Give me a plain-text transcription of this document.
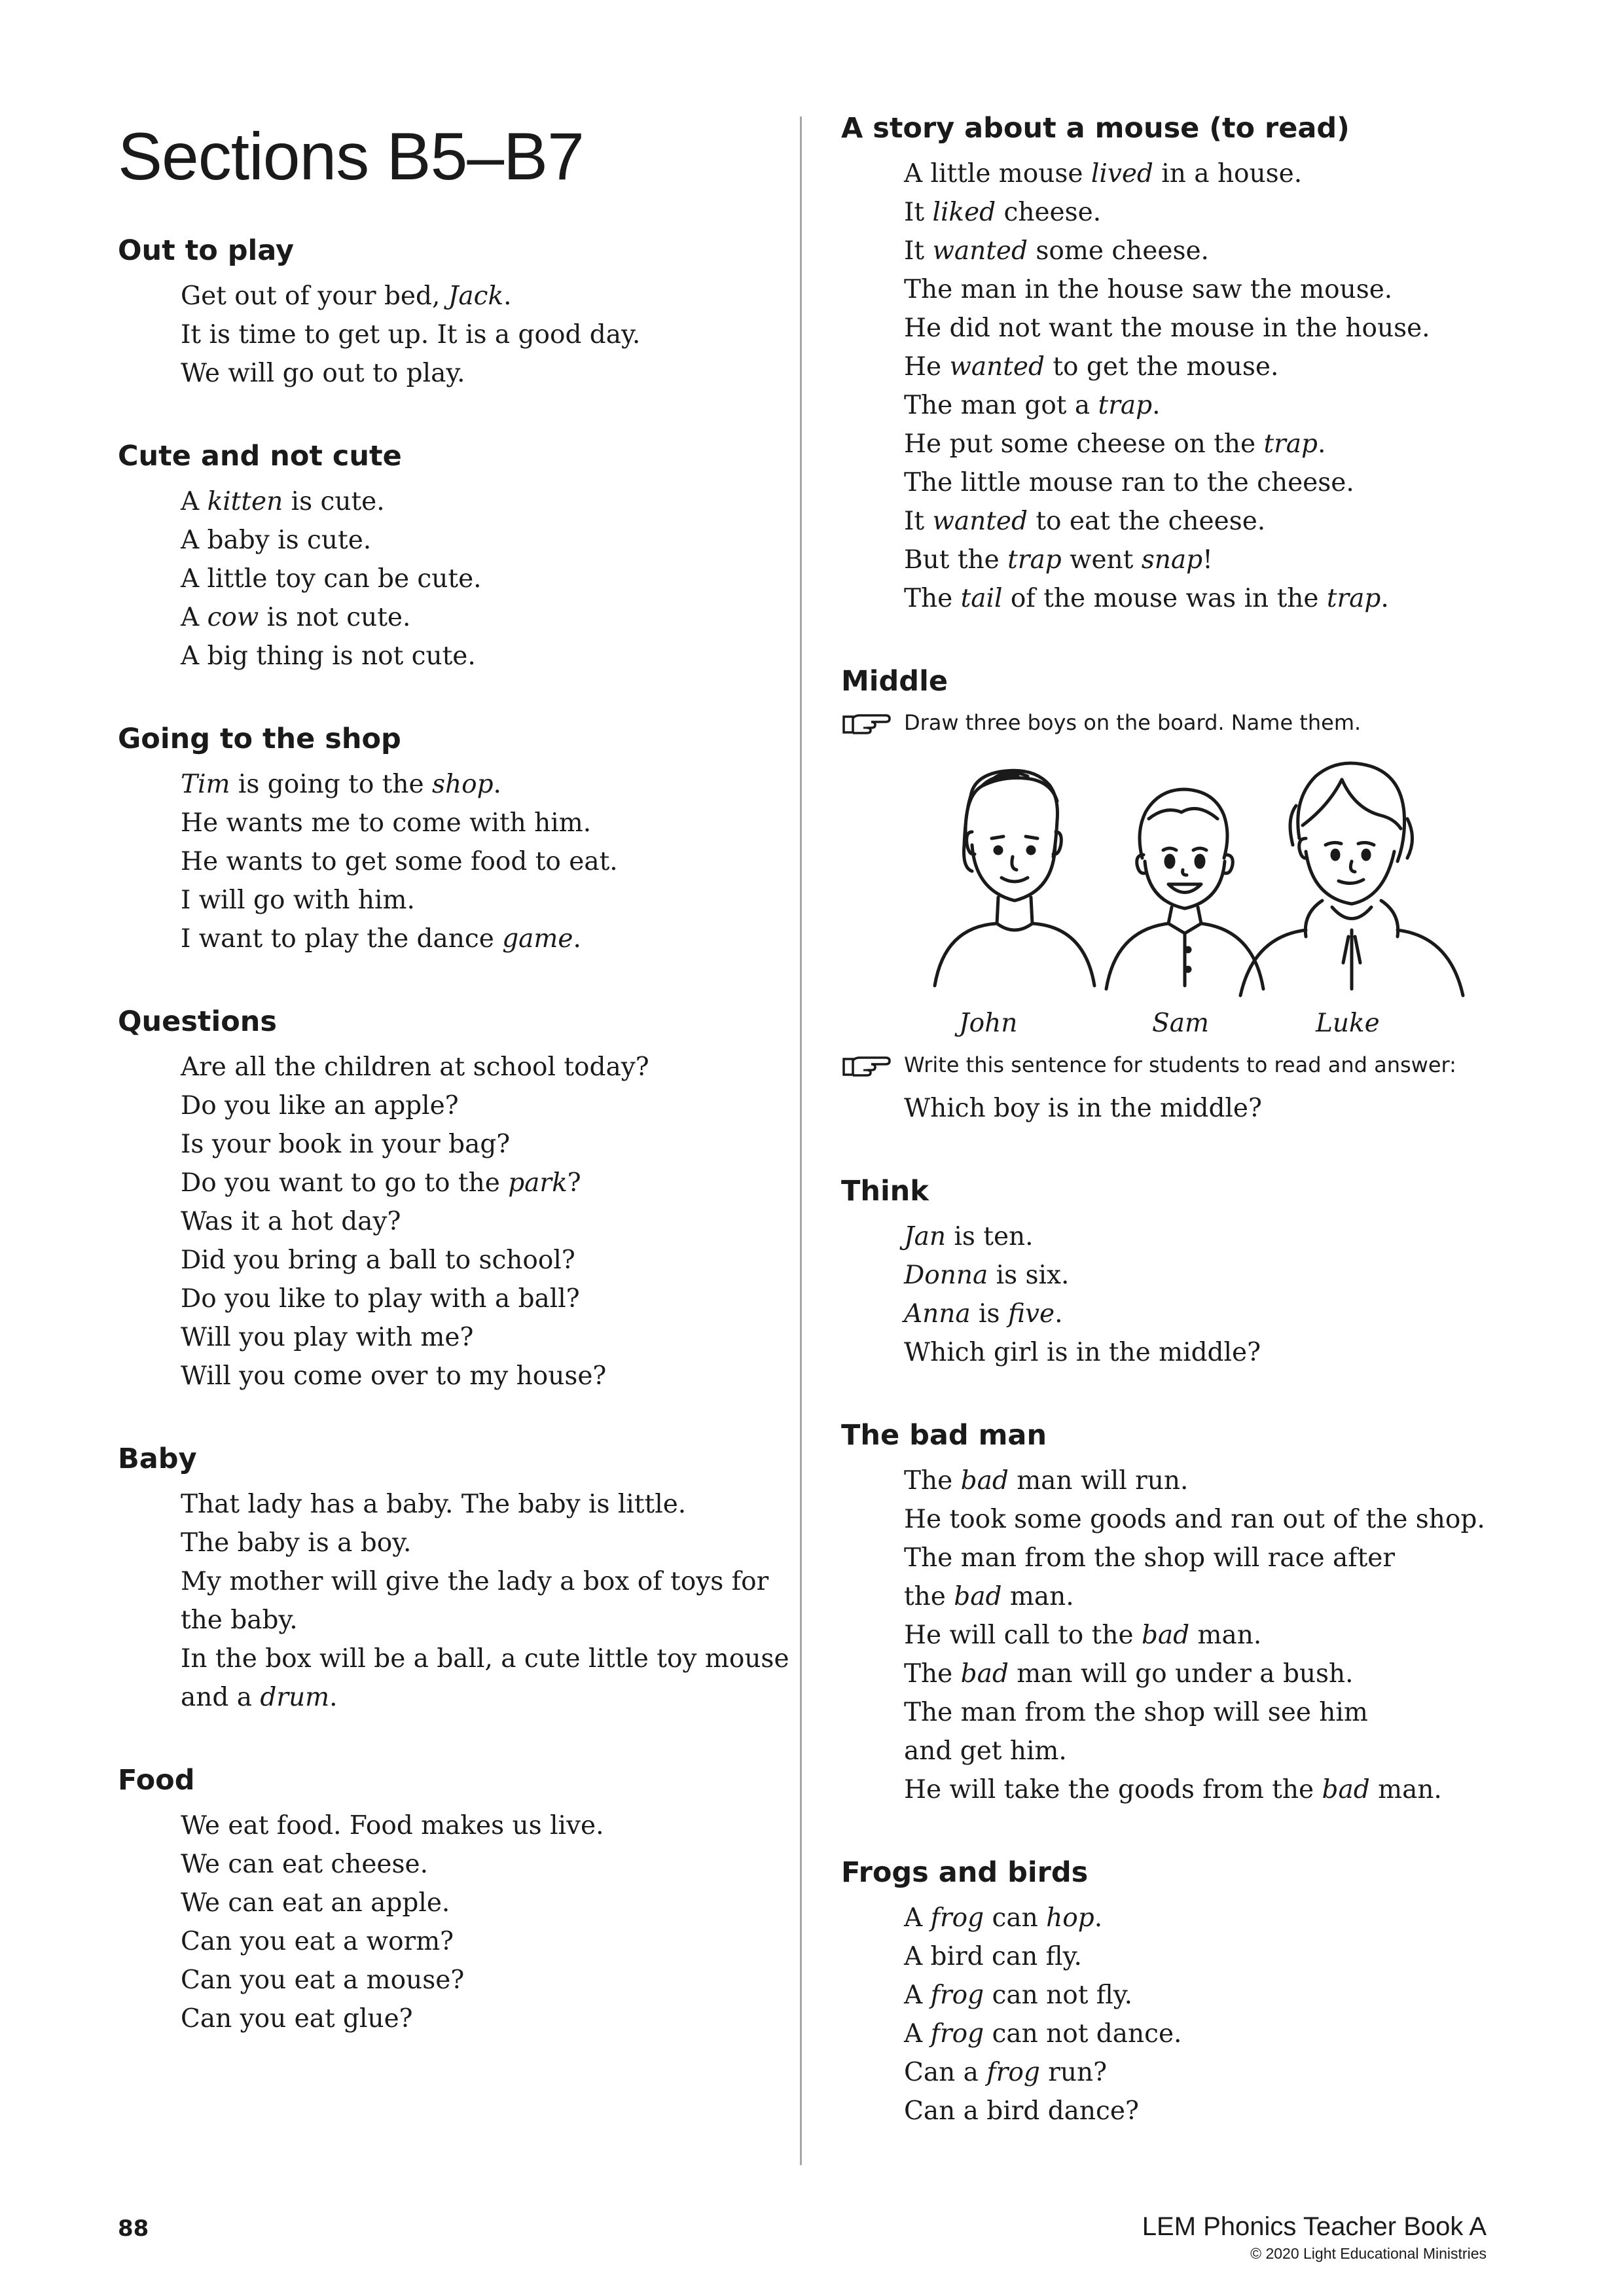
Sections B5–B7
Out to play
Get out of your bed, Jack.
It is time to get up. It is a good day.
We will go out to play.
Cute and not cute
A kitten is cute.
A baby is cute.
A little toy can be cute.
A cow is not cute.
A big thing is not cute.
Going to the shop
Tim is going to the shop.
He wants me to come with him.
He wants to get some food to eat.
I will go with him.
I want to play the dance game.
Questions
Are all the children at school today?
Do you like an apple?
Is your book in your bag?
Do you want to go to the park?
Was it a hot day?
Did you bring a ball to school?
Do you like to play with a ball?
Will you play with me?
Will you come over to my house?
Baby
That lady has a baby. The baby is little.
The baby is a boy.
My mother will give the lady a box of toys for
the baby.
In the box will be a ball, a cute little toy mouse
and a drum.
Food
We eat food. Food makes us live.
We can eat cheese.
We can eat an apple.
Can you eat a worm?
Can you eat a mouse?
Can you eat glue?
A story about a mouse (to read)
A little mouse lived in a house.
It liked cheese.
It wanted some cheese.
The man in the house saw the mouse.
He did not want the mouse in the house.
He wanted to get the mouse.
The man got a trap.
He put some cheese on the trap.
The little mouse ran to the cheese.
It wanted to eat the cheese.
But the trap went snap!
The tail of the mouse was in the trap.
Middle
Draw three boys on the board. Name them.
John	Sam	Luke
Write this sentence for students to read and answer:
Which boy is in the middle?
Think
Jan is ten.
Donna is six.
Anna is five.
Which girl is in the middle?
The bad man
The bad man will run.
He took some goods and ran out of the shop.
The man from the shop will race after
the bad man.
He will call to the bad man.
The bad man will go under a bush.
The man from the shop will see him
and get him.
He will take the goods from the bad man.
Frogs and birds
A frog can hop.
A bird can fly.
A frog can not fly.
A frog can not dance.
Can a frog run?
Can a bird dance?
88	LEM Phonics Teacher Book A
© 2020 Light Educational Ministries
